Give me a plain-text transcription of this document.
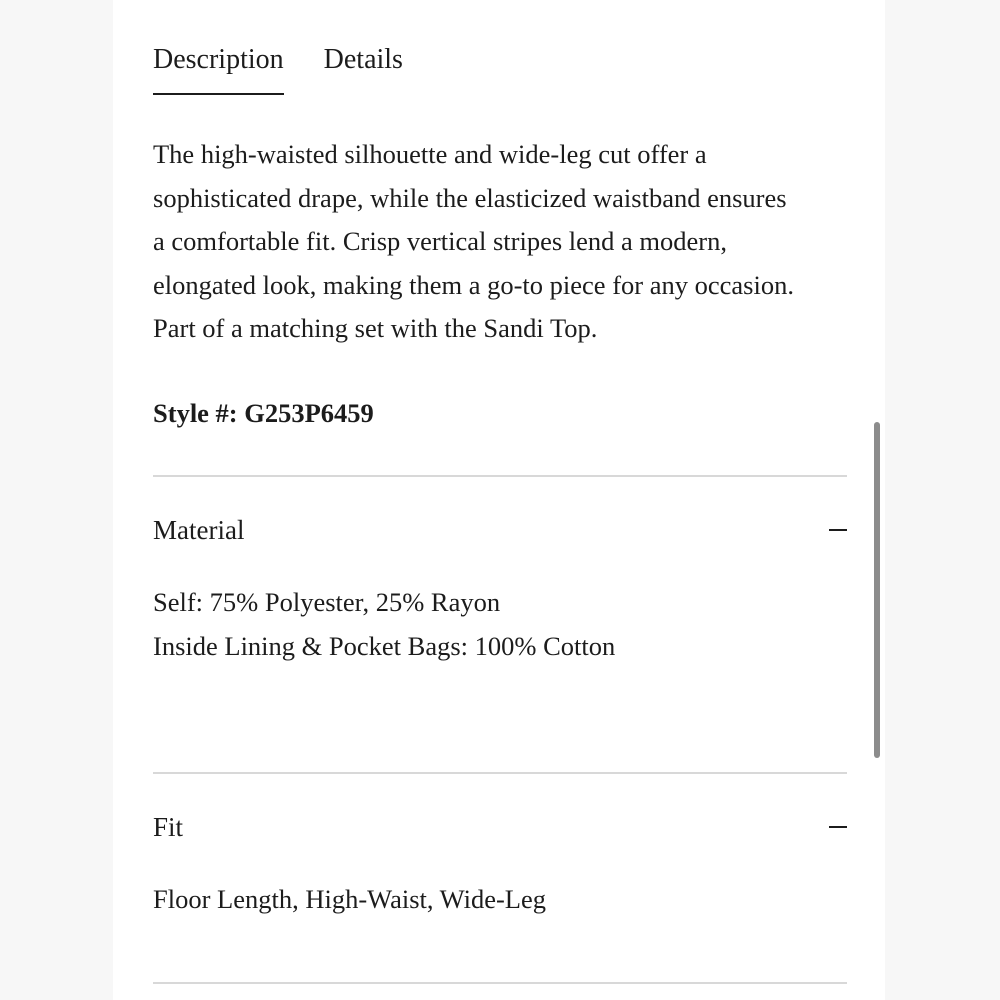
Description Details
The high-waisted silhouette and wide-leg cut offer a
sophisticated drape, while the elasticized waistband ensures
a comfortable fit. Crisp vertical stripes lend a modern,
elongated look, making them a go-to piece for any occasion.
Part of a matching set with the Sandi Top.

Style #: G253P6459

Material
Self: 75% Polyester, 25% Rayon
Inside Lining & Pocket Bags: 100% Cotton
Fit
Floor Length, High-Waist, Wide-Leg
